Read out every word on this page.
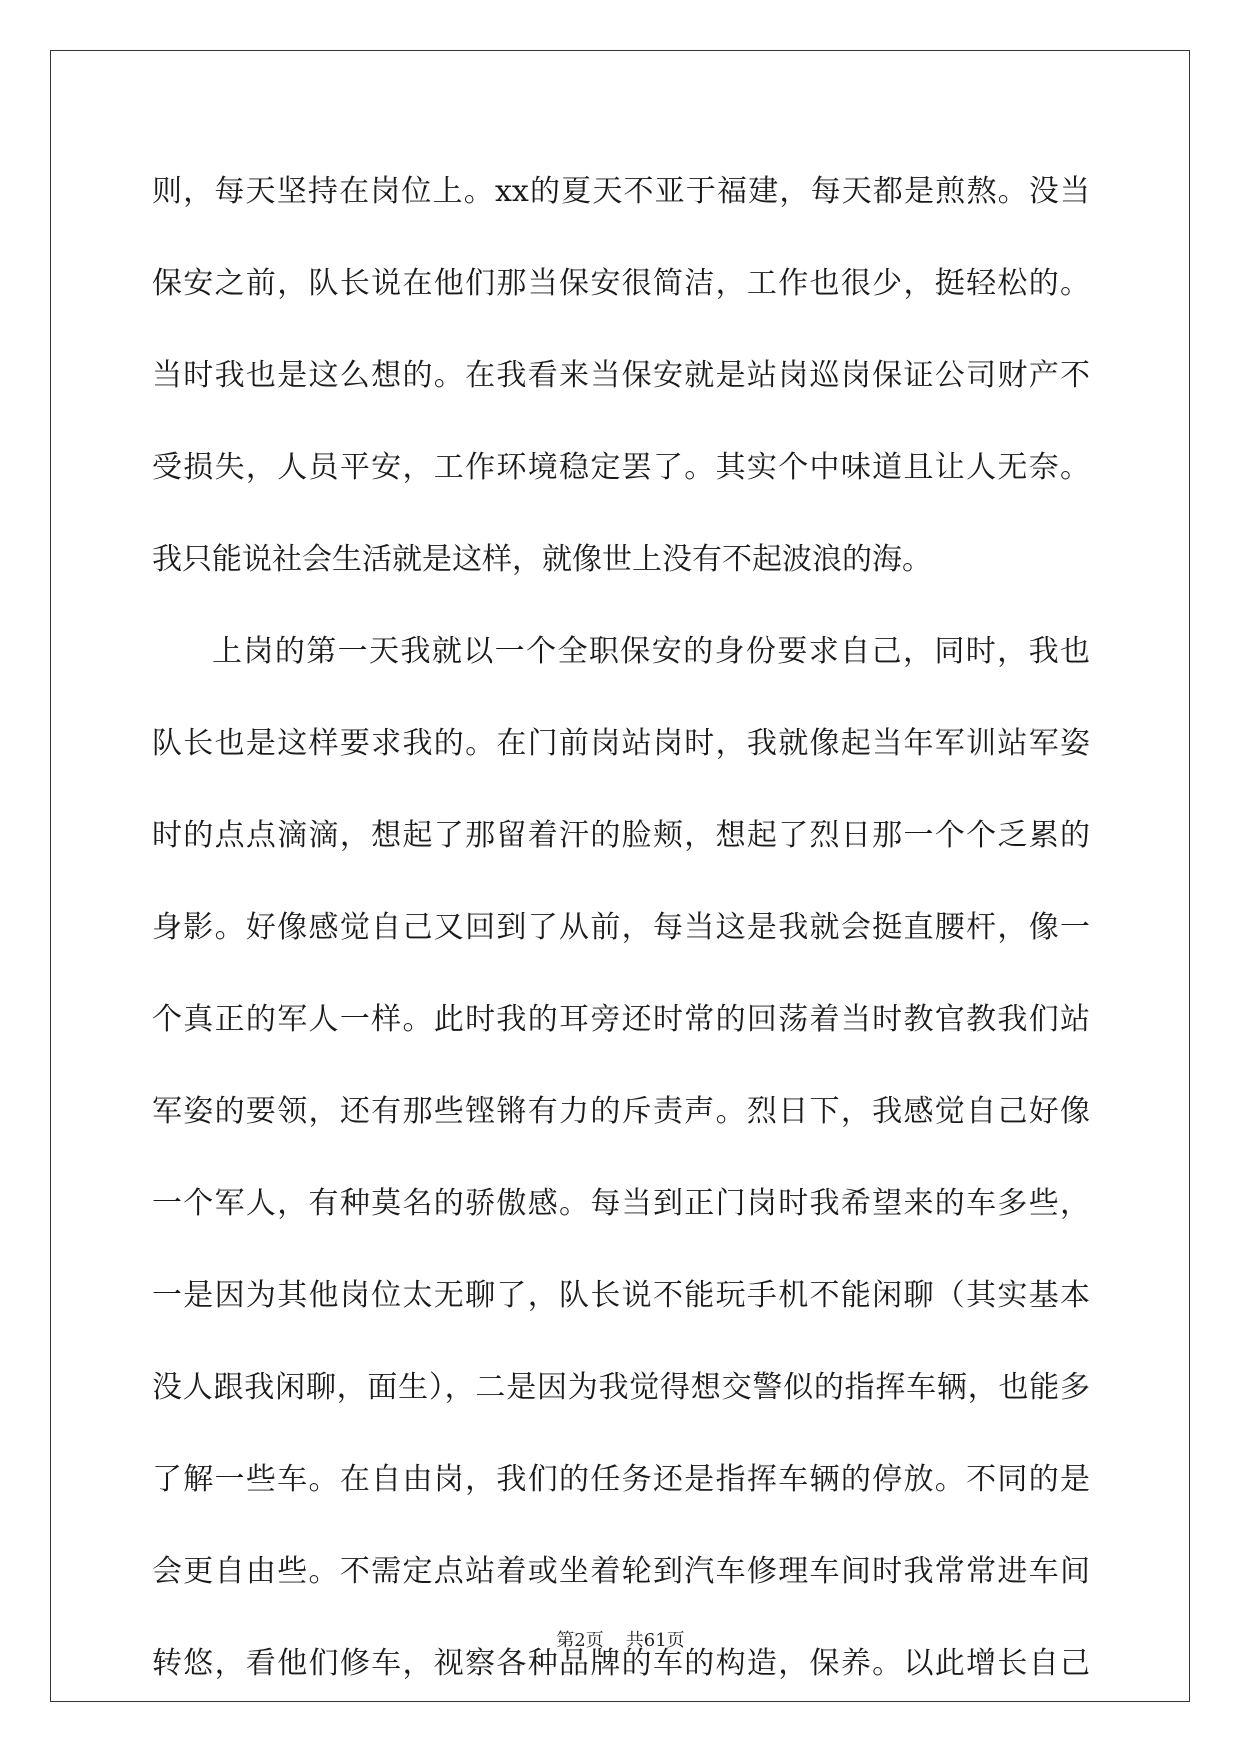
则，每天坚持在岗位上。xx的夏天不亚于福建，每天都是煎熬。没当
保安之前，队长说在他们那当保安很简洁，工作也很少，挺轻松的。
当时我也是这么想的。在我看来当保安就是站岗巡岗保证公司财产不
受损失，人员平安，工作环境稳定罢了。其实个中味道且让人无奈。
我只能说社会生活就是这样，就像世上没有不起波浪的海。
上岗的第一天我就以一个全职保安的身份要求自己，同时，我也
队长也是这样要求我的。在门前岗站岗时，我就像起当年军训站军姿
时的点点滴滴，想起了那留着汗的脸颊，想起了烈日那一个个乏累的
身影。好像感觉自己又回到了从前，每当这是我就会挺直腰杆，像一
个真正的军人一样。此时我的耳旁还时常的回荡着当时教官教我们站
军姿的要领，还有那些铿锵有力的斥责声。烈日下，我感觉自己好像
一个军人，有种莫名的骄傲感。每当到正门岗时我希望来的车多些，
一是因为其他岗位太无聊了，队长说不能玩手机不能闲聊（其实基本
没人跟我闲聊，面生），二是因为我觉得想交警似的指挥车辆，也能多
了解一些车。在自由岗，我们的任务还是指挥车辆的停放。不同的是
会更自由些。不需定点站着或坐着轮到汽车修理车间时我常常进车间
转悠，看他们修车，视察各种品牌的车的构造，保养。以此增长自己
第2页 共61页
